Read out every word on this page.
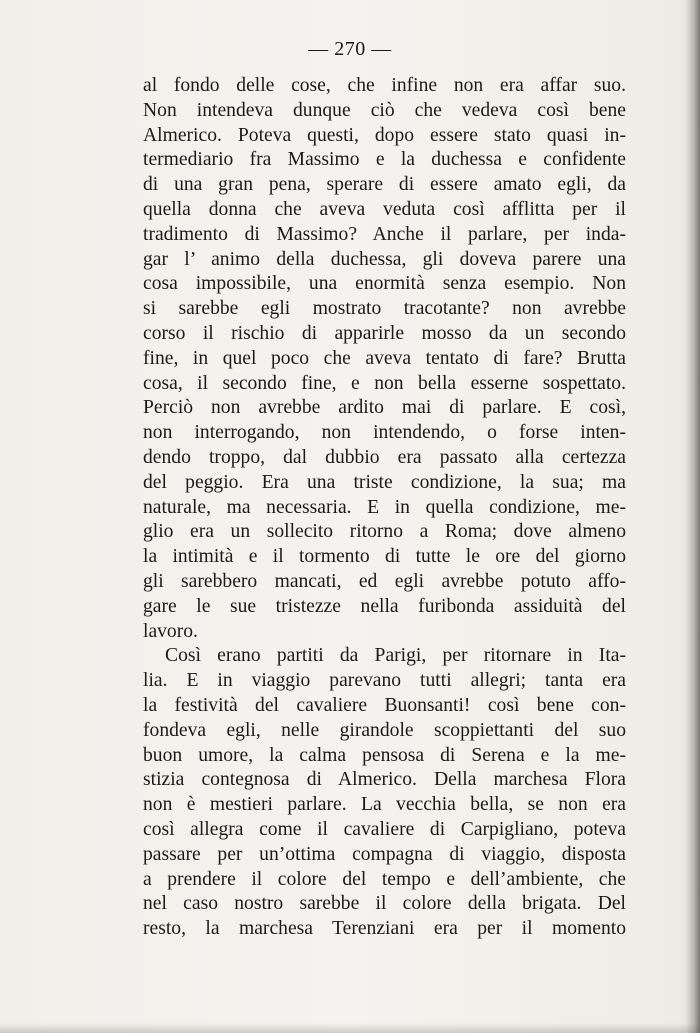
— 270 —
al fondo delle cose, che infine non era affar suo.
Non intendeva dunque ciò che vedeva così bene
Almerico. Poteva questi, dopo essere stato quasi in-
termediario fra Massimo e la duchessa e confidente
di una gran pena, sperare di essere amato egli, da
quella donna che aveva veduta così afflitta per il
tradimento di Massimo? Anche il parlare, per inda-
gar l’ animo della duchessa, gli doveva parere una
cosa impossibile, una enormità senza esempio. Non
si sarebbe egli mostrato tracotante? non avrebbe
corso il rischio di apparirle mosso da un secondo
fine, in quel poco che aveva tentato di fare? Brutta
cosa, il secondo fine, e non bella esserne sospettato.
Perciò non avrebbe ardito mai di parlare. E così,
non interrogando, non intendendo, o forse inten-
dendo troppo, dal dubbio era passato alla certezza
del peggio. Era una triste condizione, la sua; ma
naturale, ma necessaria. E in quella condizione, me-
glio era un sollecito ritorno a Roma; dove almeno
la intimità e il tormento di tutte le ore del giorno
gli sarebbero mancati, ed egli avrebbe potuto affo-
gare le sue tristezze nella furibonda assiduità del
lavoro.
Così erano partiti da Parigi, per ritornare in Ita-
lia. E in viaggio parevano tutti allegri; tanta era
la festività del cavaliere Buonsanti! così bene con-
fondeva egli, nelle girandole scoppiettanti del suo
buon umore, la calma pensosa di Serena e la me-
stizia contegnosa di Almerico. Della marchesa Flora
non è mestieri parlare. La vecchia bella, se non era
così allegra come il cavaliere di Carpigliano, poteva
passare per un’ottima compagna di viaggio, disposta
a prendere il colore del tempo e dell’ambiente, che
nel caso nostro sarebbe il colore della brigata. Del
resto, la marchesa Terenziani era per il momento
